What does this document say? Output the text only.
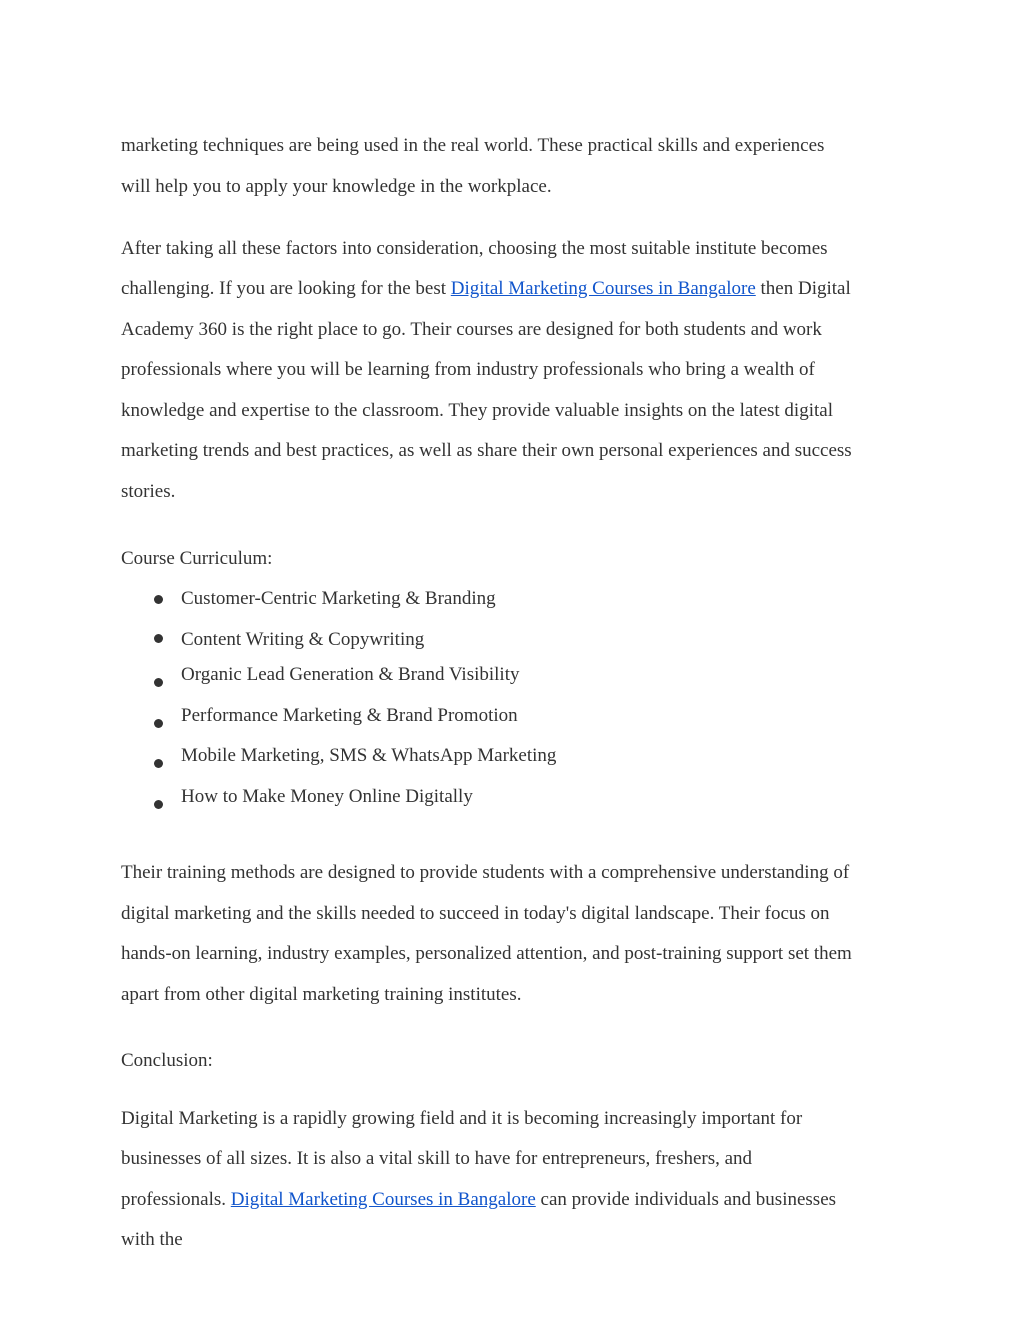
marketing techniques are being used in the real world. These practical skills and experiences
will help you to apply your knowledge in the workplace.
After taking all these factors into consideration, choosing the most suitable institute becomes
challenging. If you are looking for the best Digital Marketing Courses in Bangalore then Digital
Academy 360 is the right place to go. Their courses are designed for both students and work
professionals where you will be learning from industry professionals who bring a wealth of
knowledge and expertise to the classroom. They provide valuable insights on the latest digital
marketing trends and best practices, as well as share their own personal experiences and success
stories.
Course Curriculum:
Customer-Centric Marketing & Branding
Content Writing & Copywriting
Organic Lead Generation & Brand Visibility
Performance Marketing & Brand Promotion
Mobile Marketing, SMS & WhatsApp Marketing
How to Make Money Online Digitally
Their training methods are designed to provide students with a comprehensive understanding of
digital marketing and the skills needed to succeed in today's digital landscape. Their focus on
hands-on learning, industry examples, personalized attention, and post-training support set them
apart from other digital marketing training institutes.
Conclusion:
Digital Marketing is a rapidly growing field and it is becoming increasingly important for
businesses of all sizes. It is also a vital skill to have for entrepreneurs, freshers, and
professionals. Digital Marketing Courses in Bangalore can provide individuals and businesses
with the
